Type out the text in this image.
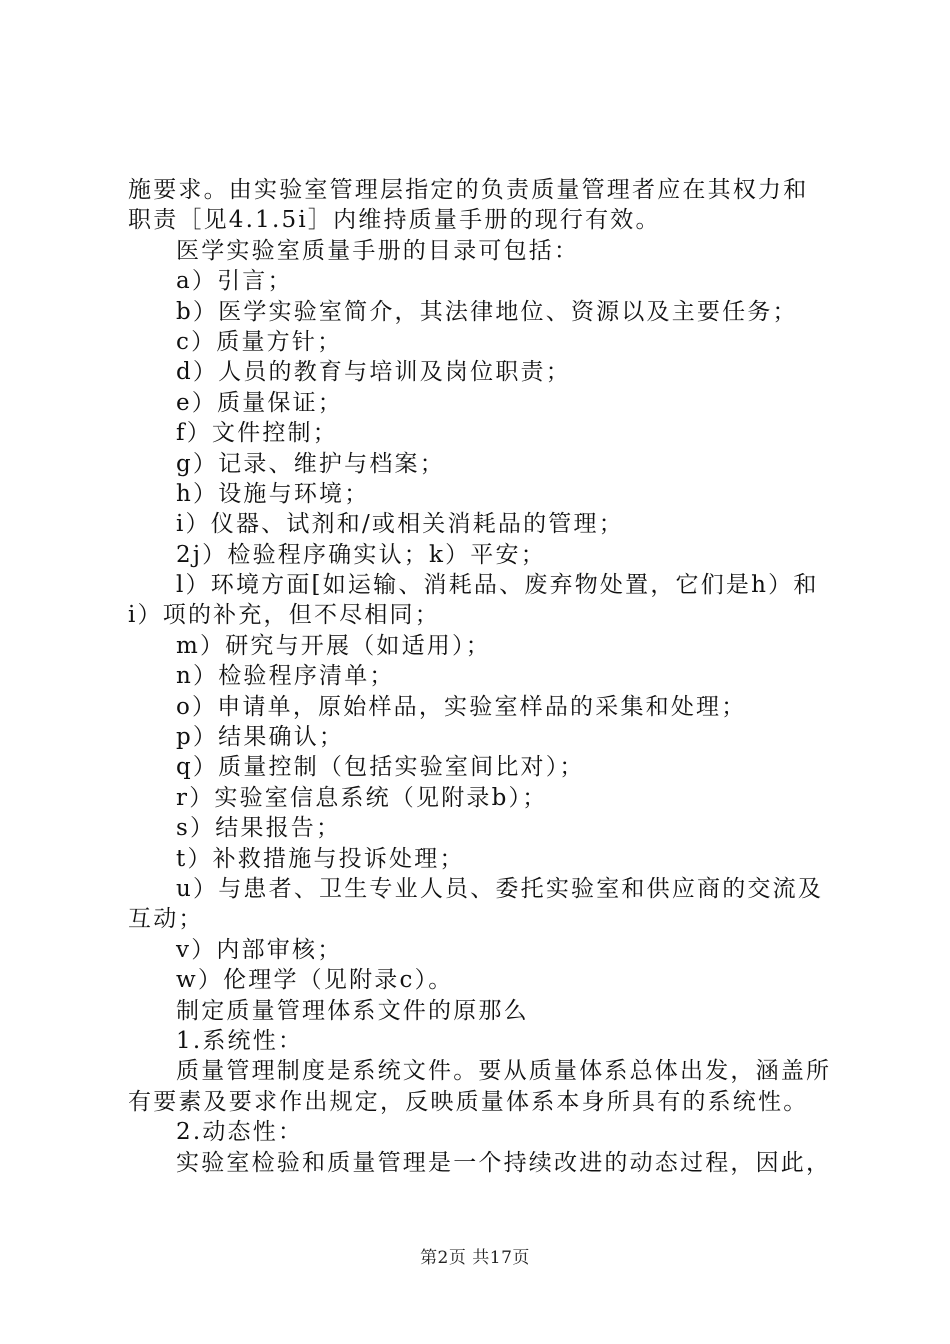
施要求。由实验室管理层指定的负责质量管理者应在其权力和
职责［见4.1.5i］内维持质量手册的现行有效。
医学实验室质量手册的目录可包括：
a）引言；
b）医学实验室简介，其法律地位、资源以及主要任务；
c）质量方针；
d）人员的教育与培训及岗位职责；
e）质量保证；
f）文件控制；
g）记录、维护与档案；
h）设施与环境；
i）仪器、试剂和/或相关消耗品的管理；
2j）检验程序确实认；k）平安；
l）环境方面[如运输、消耗品、废弃物处置，它们是h）和
i）项的补充，但不尽相同；
m）研究与开展（如适用）；
n）检验程序清单；
o）申请单，原始样品，实验室样品的采集和处理；
p）结果确认；
q）质量控制（包括实验室间比对）；
r）实验室信息系统（见附录b）；
s）结果报告；
t）补救措施与投诉处理；
u）与患者、卫生专业人员、委托实验室和供应商的交流及
互动；
v）内部审核；
w）伦理学（见附录c）。
制定质量管理体系文件的原那么
1.系统性：
质量管理制度是系统文件。要从质量体系总体出发，涵盖所
有要素及要求作出规定，反映质量体系本身所具有的系统性。
2.动态性：
实验室检验和质量管理是一个持续改进的动态过程，因此，
第2页 共17页
